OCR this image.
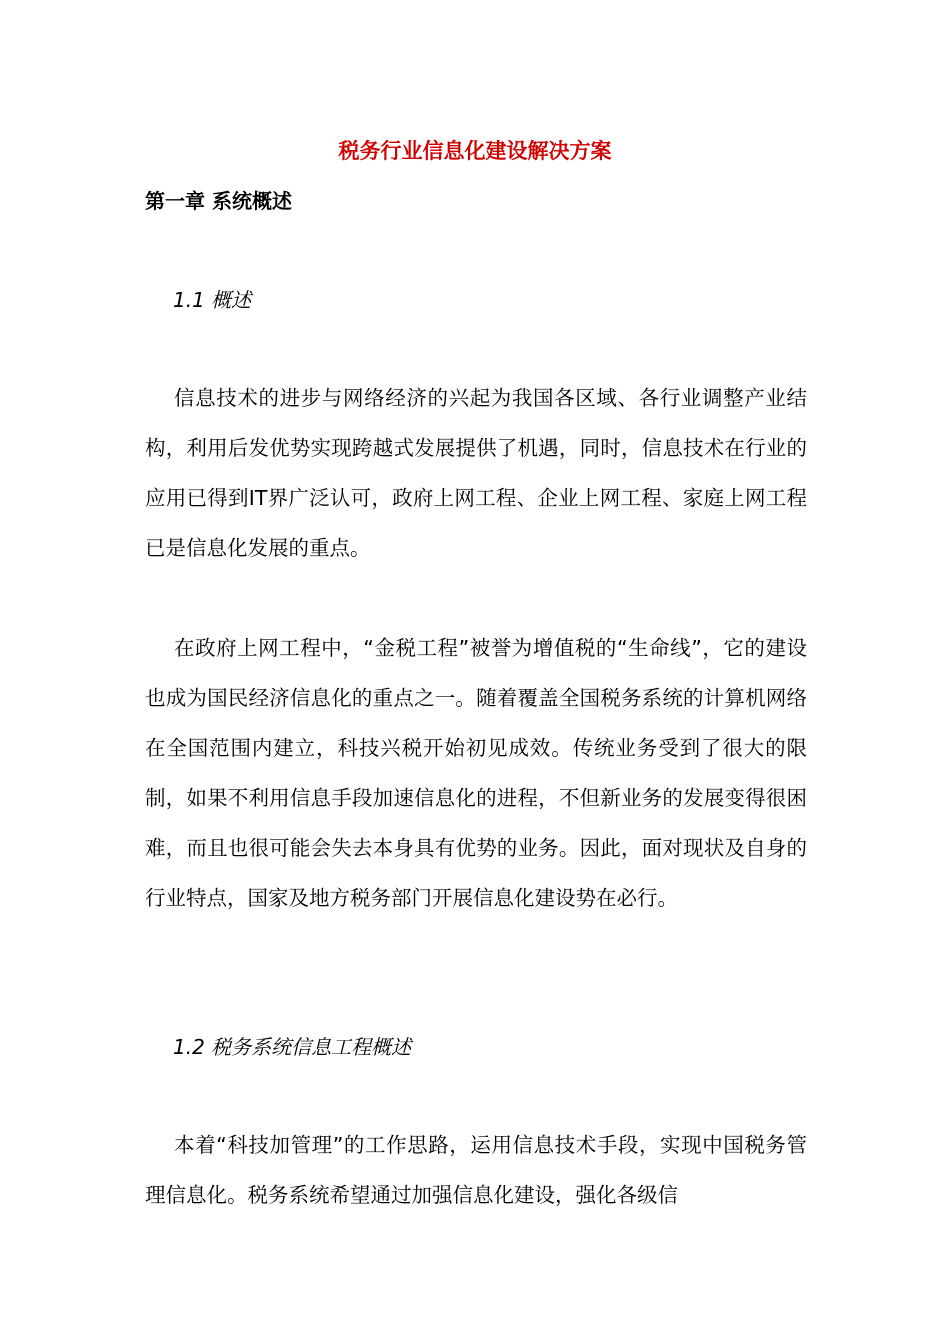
税务行业信息化建设解决方案
第一章 系统概述
1.1 概述

信息技术的进步与网络经济的兴起为我国各区域、各行业调整产业结构，利用后发优势实现跨越式发展提供了机遇，同时，信息技术在行业的应用已得到IT界广泛认可，政府上网工程、企业上网工程、家庭上网工程已是信息化发展的重点。

在政府上网工程中，“金税工程”被誉为增值税的“生命线”，它的建设也成为国民经济信息化的重点之一。随着覆盖全国税务系统的计算机网络在全国范围内建立，科技兴税开始初见成效。传统业务受到了很大的限制，如果不利用信息手段加速信息化的进程，不但新业务的发展变得很困难，而且也很可能会失去本身具有优势的业务。因此，面对现状及自身的行业特点，国家及地方税务部门开展信息化建设势在必行。

1.2 税务系统信息工程概述

本着“科技加管理”的工作思路，运用信息技术手段，实现中国税务管理信息化。税务系统希望通过加强信息化建设，强化各级信
